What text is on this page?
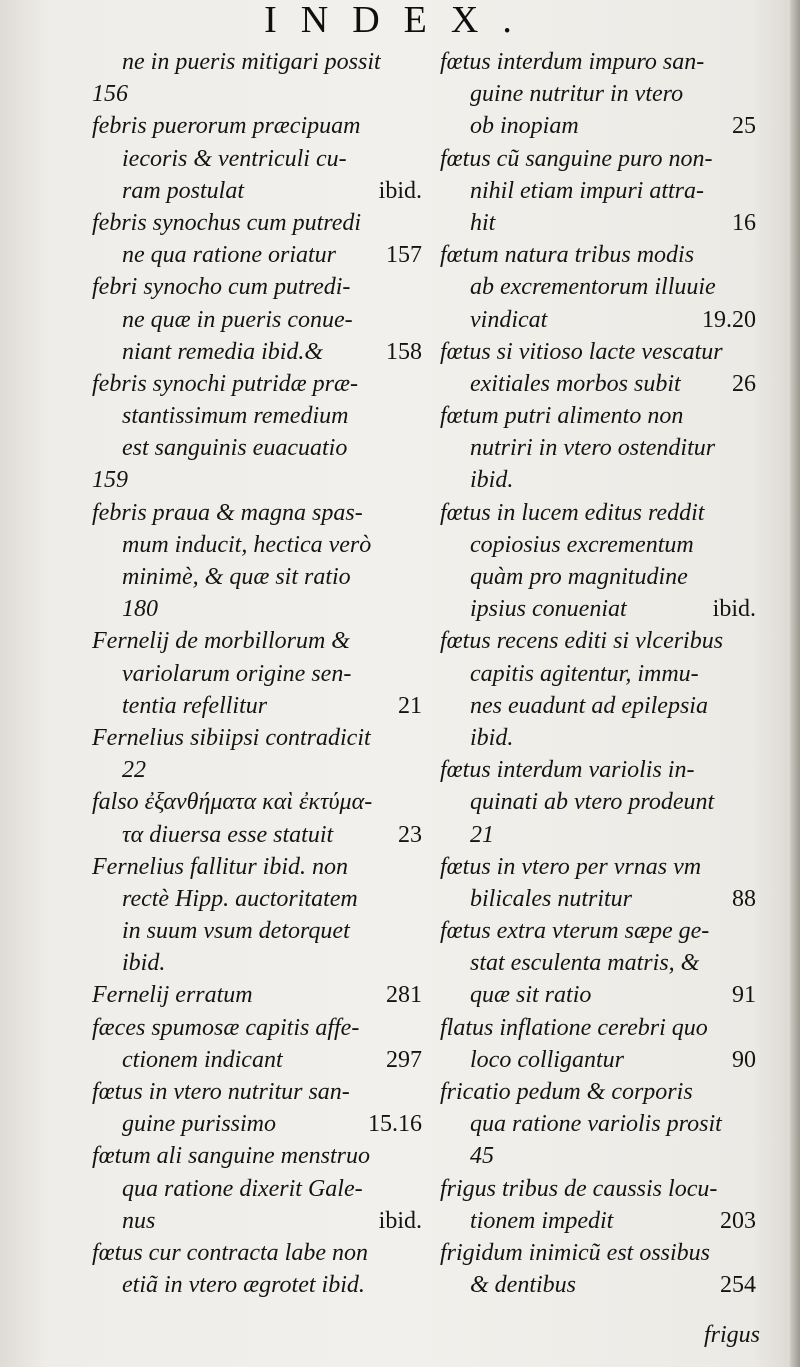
INDEX.
ne in pueris mitigari possit
156
febris puerorum præcipuam
iecoris & ventriculi cu-
ram postulat	ibid.
febris synochus cum putredi
ne qua ratione oriatur 157
febri synocho cum putredi-
ne quæ in pueris conue-
niant remedia ibid.&	158
febris synochi putridæ præ-
stantissimum remedium
est sanguinis euacuatio
159
febris praua & magna spas-
mum inducit, hectica verò
minimè, & quæ sit ratio
180
Fernelij de morbillorum &
variolarum origine sen-
tentia refellitur	21
Fernelius sibiipsi contradicit
22
falso ἐξανθήματα καὶ ἐκτύμα-
τα diuersa esse statuit	23
Fernelius fallitur ibid. non
rectè Hipp. auctoritatem
in suum vsum detorquet
ibid.
Fernelij erratum	281
fæces spumosæ capitis affe-
ctionem indicant	297
fœtus in vtero nutritur san-
guine purissimo	15.16
fœtum ali sanguine menstruo
qua ratione dixerit Gale-
nus	ibid.
fœtus cur contracta labe non
etiã in vtero ægrotet ibid.
fœtus interdum impuro san-
guine nutritur in vtero
ob inopiam	25
fœtus cũ sanguine puro non-
nihil etiam impuri attra-
hit	16
fœtum natura tribus modis
ab excrementorum illuuie
vindicat	19.20
fœtus si vitioso lacte vescatur
exitiales morbos subit 26
fœtum putri alimento non
nutriri in vtero ostenditur
ibid.
fœtus in lucem editus reddit
copiosius excrementum
quàm pro magnitudine
ipsius conueniat	ibid.
fœtus recens editi si vlceribus
capitis agitentur, immu-
nes euadunt ad epilepsia
ibid.
fœtus interdum variolis in-
quinati ab vtero prodeunt
21
fœtus in vtero per vrnas vm
bilicales nutritur	88
fœtus extra vterum sæpe ge-
stat esculenta matris, &
quæ sit ratio	91
flatus inflatione cerebri quo
loco colligantur	90
fricatio pedum & corporis
qua ratione variolis prosit
45
frigus tribus de caussis locu-
tionem impedit	203
frigidum inimicũ est ossibus
& dentibus	254
frigus
